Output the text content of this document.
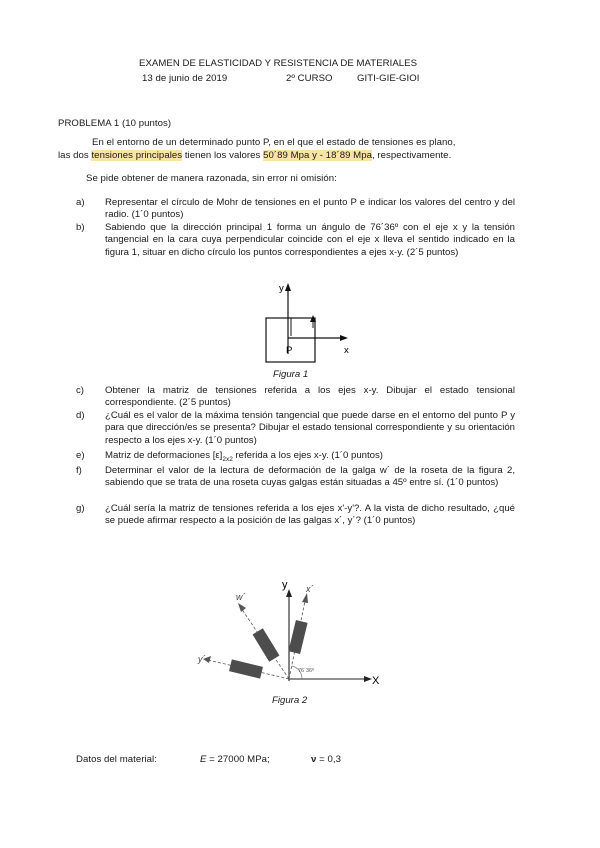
EXAMEN DE ELASTICIDAD Y RESISTENCIA DE MATERIALES
13 de junio de 2019	2º CURSO	GITI-GIE-GIOI
PROBLEMA 1 (10 puntos)
En el entorno de un determinado punto P, en el que el estado de tensiones es plano,
las dos tensiones principales tienen los valores 50´89 Mpa y - 18´89 Mpa, respectivamente.
Se pide obtener de manera razonada, sin error ni omisión:
a) Representar el círculo de Mohr de tensiones en el punto P e indicar los valores del centro y del radio. (1´0 puntos)
b) Sabiendo que la dirección principal 1 forma un ángulo de 76´36º con el eje x y la tensión tangencial en la cara cuya perpendicular coincide con el eje x lleva el sentido indicado en la figura 1, situar en dicho círculo los puntos correspondientes a ejes x-y. (2´5 puntos)
y
x
P
Figura 1
c) Obtener la matriz de tensiones referida a los ejes x-y. Dibujar el estado tensional correspondiente. (2´5 puntos)
d) ¿Cuál es el valor de la máxima tensión tangencial que puede darse en el entorno del punto P y para que dirección/es se presenta? Dibujar el estado tensional correspondiente y su orientación respecto a los ejes x-y. (1´0 puntos)
e) Matriz de deformaciones $[\varepsilon]_{2x2}$ referida a los ejes x-y. (1´0 puntos)
f) Determinar el valor de la lectura de deformación de la galga w´ de la roseta de la figura 2, sabiendo que se trata de una roseta cuyas galgas están situadas a 45º entre sí. (1´0 puntos)
g) ¿Cuál sería la matriz de tensiones referida a los ejes x'-y'?. A la vista de dicho resultado, ¿qué se puede afirmar respecto a la posición de las galgas x´, y´? (1´0 puntos)
y
X
w´
x´
y´
76´36º
Figura 2
Datos del material:	E = 27000 MPa;	ν = 0,3
